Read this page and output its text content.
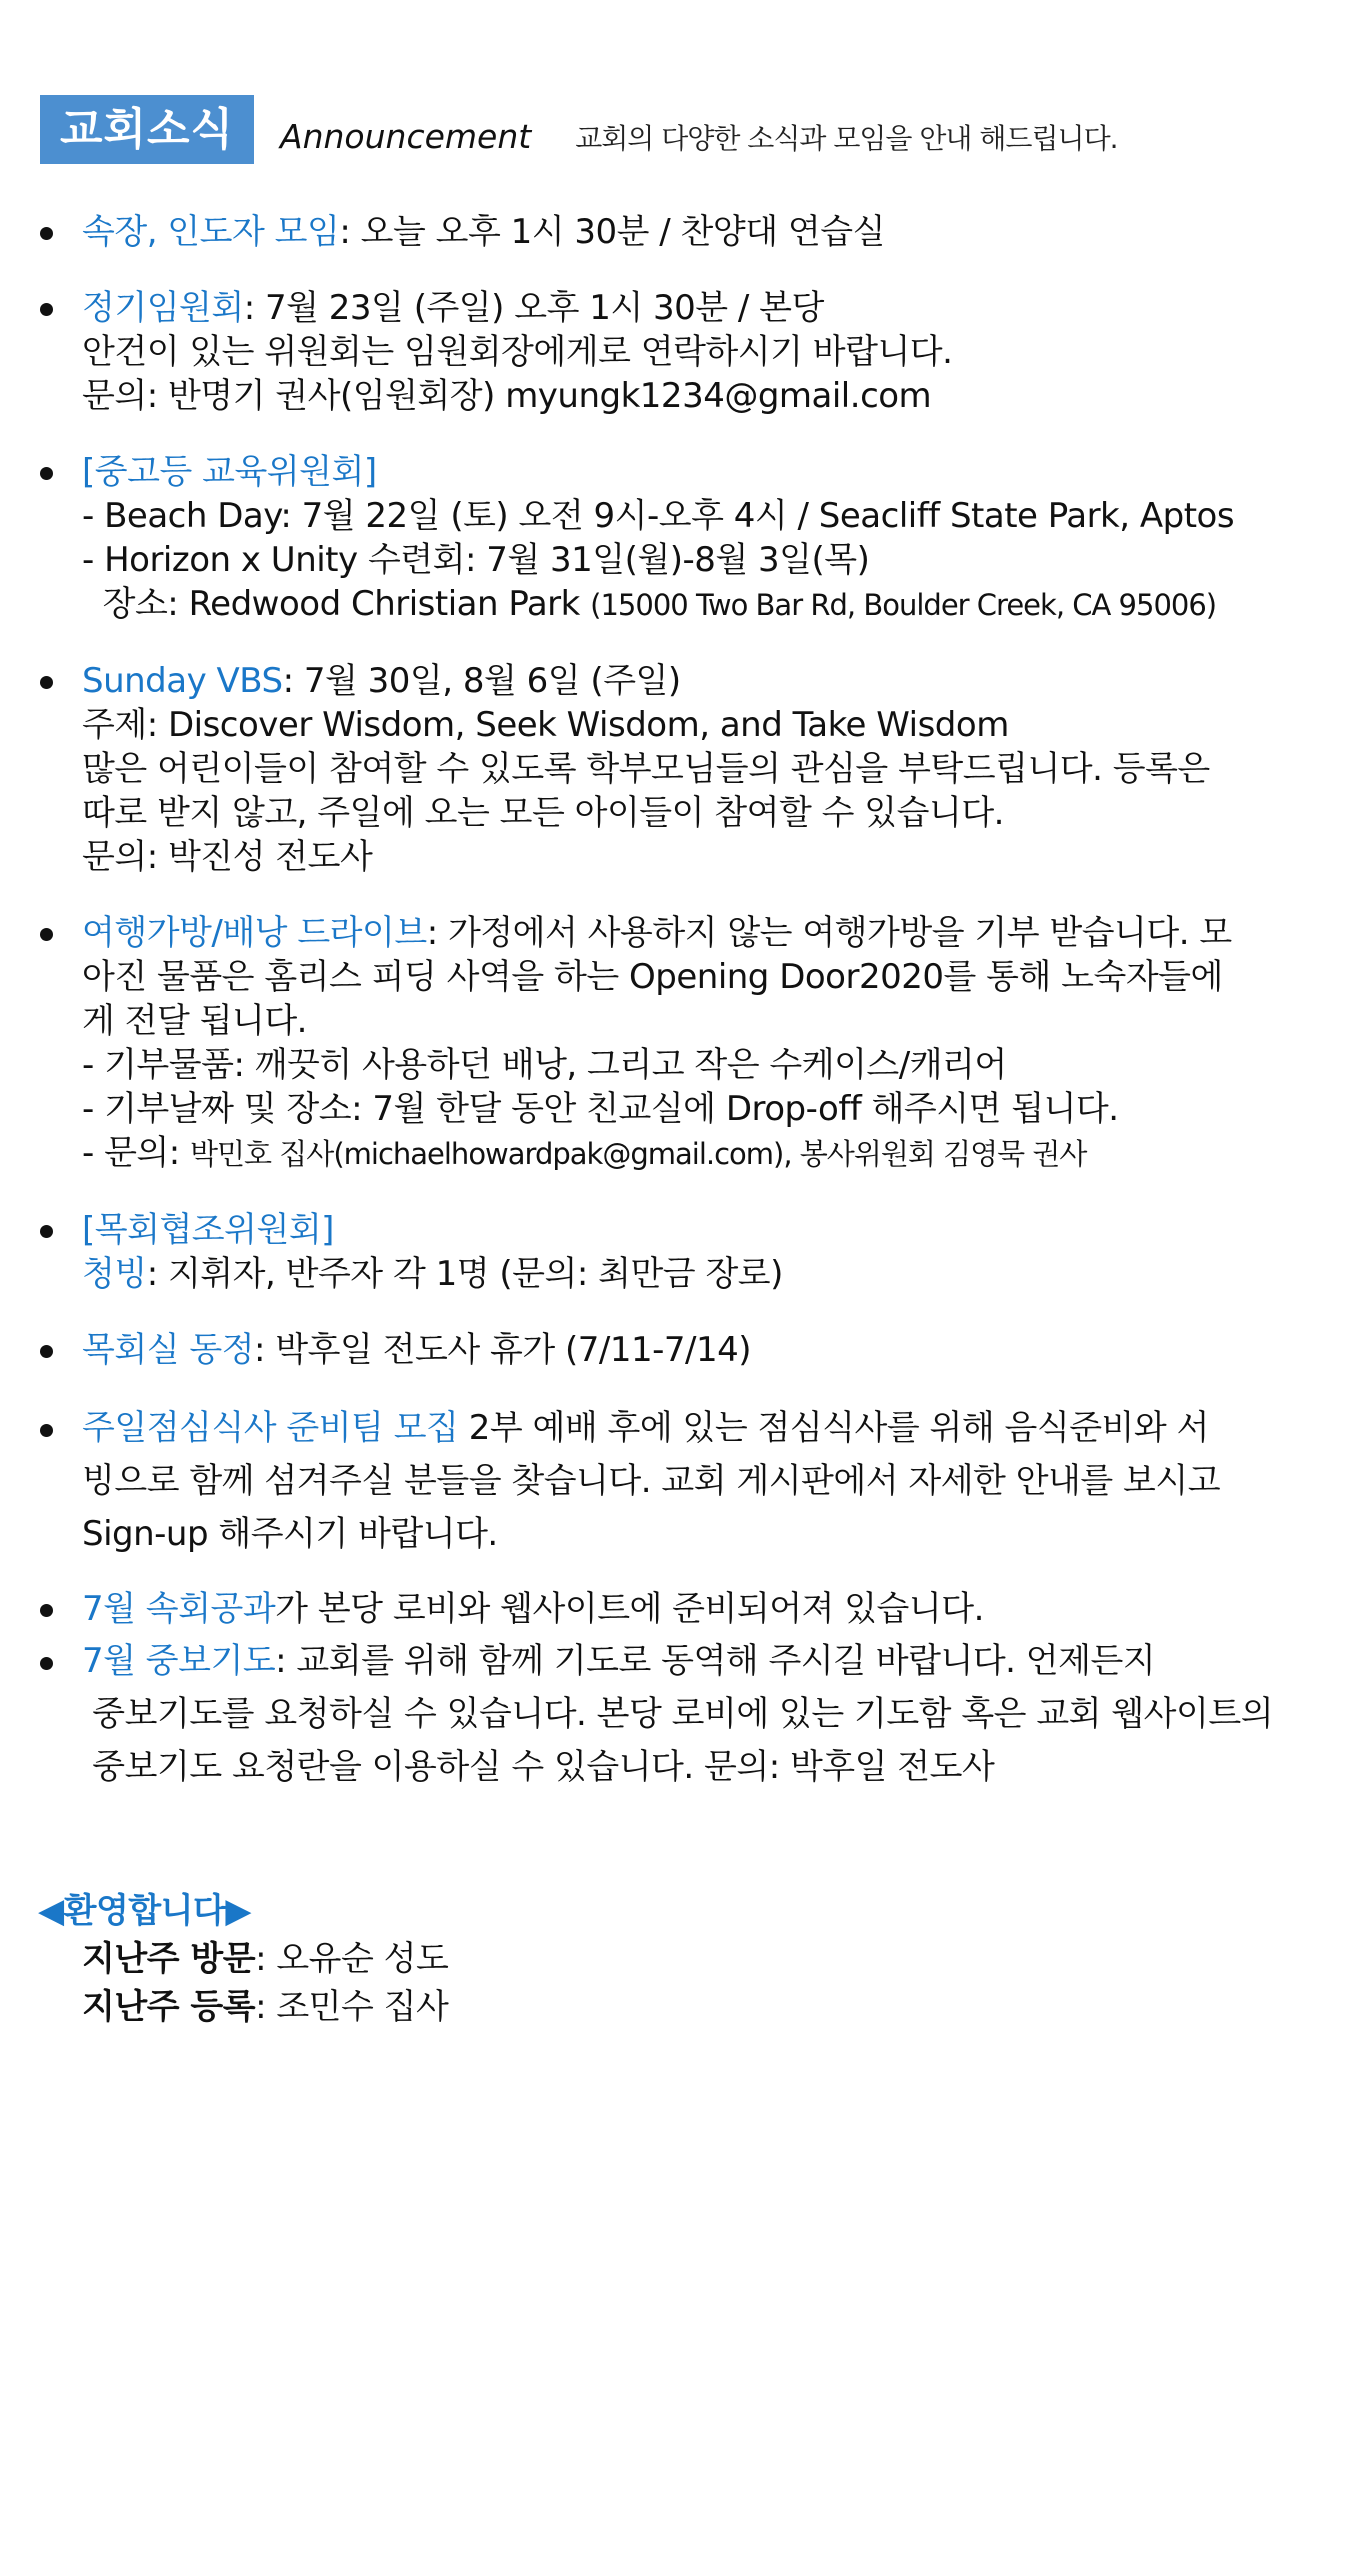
교회소식	Announcement 교회의 다양한 소식과 모임을 안내 해드립니다.
속장, 인도자 모임: 오늘 오후 1시 30분 / 찬양대 연습실
정기임원회: 7월 23일 (주일) 오후 1시 30분 / 본당
안건이 있는 위원회는 임원회장에게로 연락하시기 바랍니다.
문의: 반명기 권사(임원회장) myungk1234@gmail.com
[중고등 교육위원회]
- Beach Day: 7월 22일 (토) 오전 9시-오후 4시 / Seacliff State Park, Aptos
- Horizon x Unity 수련회: 7월 31일(월)-8월 3일(목)
장소: Redwood Christian Park (15000 Two Bar Rd, Boulder Creek, CA 95006)
Sunday VBS: 7월 30일, 8월 6일 (주일)
주제: Discover Wisdom, Seek Wisdom, and Take Wisdom
많은 어린이들이 참여할 수 있도록 학부모님들의 관심을 부탁드립니다. 등록은
따로 받지 않고, 주일에 오는 모든 아이들이 참여할 수 있습니다.
문의: 박진성 전도사
여행가방/배낭 드라이브: 가정에서 사용하지 않는 여행가방을 기부 받습니다. 모
아진 물품은 홈리스 피딩 사역을 하는 Opening Door2020를 통해 노숙자들에
게 전달 됩니다.
- 기부물품: 깨끗히 사용하던 배낭, 그리고 작은 수케이스/캐리어
- 기부날짜 및 장소: 7월 한달 동안 친교실에 Drop-off 해주시면 됩니다.
- 문의: 박민호 집사(michaelhowardpak@gmail.com), 봉사위원회 김영묵 권사
[목회협조위원회]
청빙: 지휘자, 반주자 각 1명 (문의: 최만금 장로)
목회실 동정: 박후일 전도사 휴가 (7/11-7/14)
주일점심식사 준비팀 모집 2부 예배 후에 있는 점심식사를 위해 음식준비와 서
빙으로 함께 섬겨주실 분들을 찾습니다. 교회 게시판에서 자세한 안내를 보시고
Sign-up 해주시기 바랍니다.
7월 속회공과가 본당 로비와 웹사이트에 준비되어져 있습니다.
7월 중보기도: 교회를 위해 함께 기도로 동역해 주시길 바랍니다. 언제든지
중보기도를 요청하실 수 있습니다. 본당 로비에 있는 기도함 혹은 교회 웹사이트의
중보기도 요청란을 이용하실 수 있습니다. 문의: 박후일 전도사
◀환영합니다▶
지난주 방문: 오유순 성도
지난주 등록: 조민수 집사
